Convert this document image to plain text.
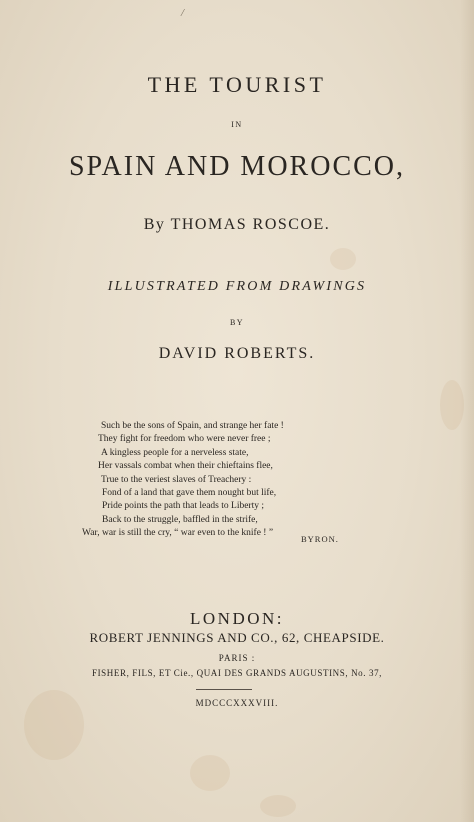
/
THE TOURIST
IN
SPAIN AND MOROCCO,
By THOMAS ROSCOE.
ILLUSTRATED FROM DRAWINGS
BY
DAVID ROBERTS.
Such be the sons of Spain, and strange her fate !
They fight for freedom who were never free ;
A kingless people for a nerveless state,
Her vassals combat when their chieftains flee,
True to the veriest slaves of Treachery :
Fond of a land that gave them nought but life,
Pride points the path that leads to Liberty ;
Back to the struggle, baffled in the strife,
War, war is still the cry, “ war even to the knife ! ”
BYRON.
LONDON:
ROBERT JENNINGS AND CO., 62, CHEAPSIDE.
PARIS :
FISHER, FILS, ET Cie., QUAI DES GRANDS AUGUSTINS, No. 37,
MDCCCXXXVIII.
